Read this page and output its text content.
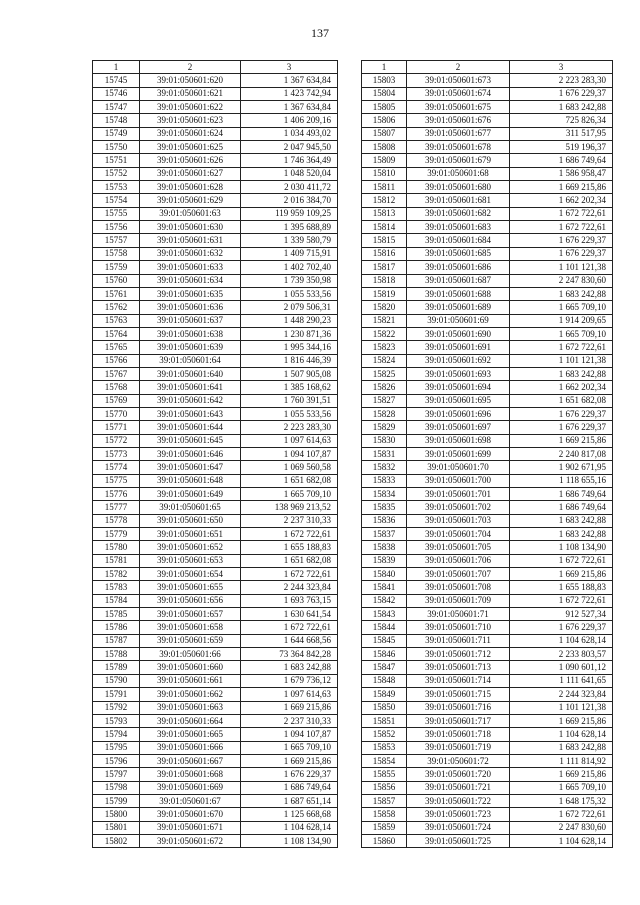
137
1	2	3
15745	39:01:050601:620	1 367 634,84
15746	39:01:050601:621	1 423 742,94
15747	39:01:050601:622	1 367 634,84
15748	39:01:050601:623	1 406 209,16
15749	39:01:050601:624	1 034 493,02
15750	39:01:050601:625	2 047 945,50
15751	39:01:050601:626	1 746 364,49
15752	39:01:050601:627	1 048 520,04
15753	39:01:050601:628	2 030 411,72
15754	39:01:050601:629	2 016 384,70
15755	39:01:050601:63	119 959 109,25
15756	39:01:050601:630	1 395 688,89
15757	39:01:050601:631	1 339 580,79
15758	39:01:050601:632	1 409 715,91
15759	39:01:050601:633	1 402 702,40
15760	39:01:050601:634	1 739 350,98
15761	39:01:050601:635	1 055 533,56
15762	39:01:050601:636	2 079 506,31
15763	39:01:050601:637	1 448 290,23
15764	39:01:050601:638	1 230 871,36
15765	39:01:050601:639	1 995 344,16
15766	39:01:050601:64	1 816 446,39
15767	39:01:050601:640	1 507 905,08
15768	39:01:050601:641	1 385 168,62
15769	39:01:050601:642	1 760 391,51
15770	39:01:050601:643	1 055 533,56
15771	39:01:050601:644	2 223 283,30
15772	39:01:050601:645	1 097 614,63
15773	39:01:050601:646	1 094 107,87
15774	39:01:050601:647	1 069 560,58
15775	39:01:050601:648	1 651 682,08
15776	39:01:050601:649	1 665 709,10
15777	39:01:050601:65	138 969 213,52
15778	39:01:050601:650	2 237 310,33
15779	39:01:050601:651	1 672 722,61
15780	39:01:050601:652	1 655 188,83
15781	39:01:050601:653	1 651 682,08
15782	39:01:050601:654	1 672 722,61
15783	39:01:050601:655	2 244 323,84
15784	39:01:050601:656	1 693 763,15
15785	39:01:050601:657	1 630 641,54
15786	39:01:050601:658	1 672 722,61
15787	39:01:050601:659	1 644 668,56
15788	39:01:050601:66	73 364 842,28
15789	39:01:050601:660	1 683 242,88
15790	39:01:050601:661	1 679 736,12
15791	39:01:050601:662	1 097 614,63
15792	39:01:050601:663	1 669 215,86
15793	39:01:050601:664	2 237 310,33
15794	39:01:050601:665	1 094 107,87
15795	39:01:050601:666	1 665 709,10
15796	39:01:050601:667	1 669 215,86
15797	39:01:050601:668	1 676 229,37
15798	39:01:050601:669	1 686 749,64
15799	39:01:050601:67	1 687 651,14
15800	39:01:050601:670	1 125 668,68
15801	39:01:050601:671	1 104 628,14
15802	39:01:050601:672	1 108 134,90
1	2	3
15803	39:01:050601:673	2 223 283,30
15804	39:01:050601:674	1 676 229,37
15805	39:01:050601:675	1 683 242,88
15806	39:01:050601:676	725 826,34
15807	39:01:050601:677	311 517,95
15808	39:01:050601:678	519 196,37
15809	39:01:050601:679	1 686 749,64
15810	39:01:050601:68	1 586 958,47
15811	39:01:050601:680	1 669 215,86
15812	39:01:050601:681	1 662 202,34
15813	39:01:050601:682	1 672 722,61
15814	39:01:050601:683	1 672 722,61
15815	39:01:050601:684	1 676 229,37
15816	39:01:050601:685	1 676 229,37
15817	39:01:050601:686	1 101 121,38
15818	39:01:050601:687	2 247 830,60
15819	39:01:050601:688	1 683 242,88
15820	39:01:050601:689	1 665 709,10
15821	39:01:050601:69	1 914 209,65
15822	39:01:050601:690	1 665 709,10
15823	39:01:050601:691	1 672 722,61
15824	39:01:050601:692	1 101 121,38
15825	39:01:050601:693	1 683 242,88
15826	39:01:050601:694	1 662 202,34
15827	39:01:050601:695	1 651 682,08
15828	39:01:050601:696	1 676 229,37
15829	39:01:050601:697	1 676 229,37
15830	39:01:050601:698	1 669 215,86
15831	39:01:050601:699	2 240 817,08
15832	39:01:050601:70	1 902 671,95
15833	39:01:050601:700	1 118 655,16
15834	39:01:050601:701	1 686 749,64
15835	39:01:050601:702	1 686 749,64
15836	39:01:050601:703	1 683 242,88
15837	39:01:050601:704	1 683 242,88
15838	39:01:050601:705	1 108 134,90
15839	39:01:050601:706	1 672 722,61
15840	39:01:050601:707	1 669 215,86
15841	39:01:050601:708	1 655 188,83
15842	39:01:050601:709	1 672 722,61
15843	39:01:050601:71	912 527,34
15844	39:01:050601:710	1 676 229,37
15845	39:01:050601:711	1 104 628,14
15846	39:01:050601:712	2 233 803,57
15847	39:01:050601:713	1 090 601,12
15848	39:01:050601:714	1 111 641,65
15849	39:01:050601:715	2 244 323,84
15850	39:01:050601:716	1 101 121,38
15851	39:01:050601:717	1 669 215,86
15852	39:01:050601:718	1 104 628,14
15853	39:01:050601:719	1 683 242,88
15854	39:01:050601:72	1 111 814,92
15855	39:01:050601:720	1 669 215,86
15856	39:01:050601:721	1 665 709,10
15857	39:01:050601:722	1 648 175,32
15858	39:01:050601:723	1 672 722,61
15859	39:01:050601:724	2 247 830,60
15860	39:01:050601:725	1 104 628,14
